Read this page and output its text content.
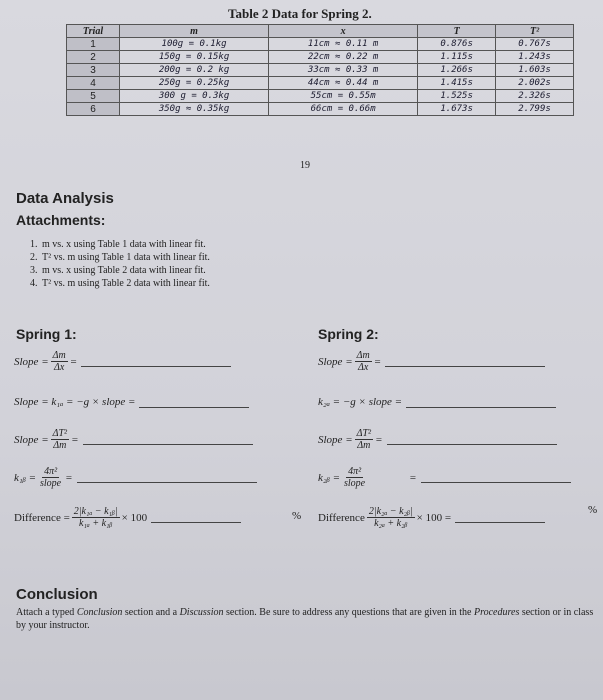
Table 2 Data for Spring 2.
Trial	m	x	T	T²
1	100g = 0.1kg	11cm ≈ 0.11 m	0.876s	0.767s
2	150g = 0.15kg	22cm ≈ 0.22 m	1.115s	1.243s
3	200g = 0.2 kg	33cm ≈ 0.33 m	1.266s	1.603s
4	250g = 0.25kg	44cm ≈ 0.44 m	1.415s	2.002s
5	300 g = 0.3kg	55cm = 0.55m	1.525s	2.326s
6	350g ≈ 0.35kg	66cm = 0.66m	1.673s	2.799s
19
Data Analysis
Attachments:
1. m vs. x using Table 1 data with linear fit.
2. T² vs. m using Table 1 data with linear fit.
3. m vs. x using Table 2 data with linear fit.
4. T² vs. m using Table 2 data with linear fit.
Spring 1:
Slope = $\frac{\Delta m}{\Delta x}$ =
Slope = k₁ₐ = −g × slope =
Slope = $\frac{\text{ΔT²}}{\Delta m}$ =
k₁ᵦ = $\frac{\text{4π²}}{\text{slope}}$ =
Difference = $\frac{\text{2|k₁ₐ − k₁ᵦ|}}{\text{k₁ₐ + k₁ᵦ}} \times 100$	%
Spring 2:
Slope = $\frac{\Delta m}{\Delta x}$ =
k₂ₐ = −g × slope =
Slope = $\frac{\text{ΔT²}}{\Delta m}$ =
k₂ᵦ = $\frac{\text{4π²}}{\text{slope}}$	=
Difference $\frac{\text{2|k₂ₐ − k₂ᵦ|}}{\text{k₂ₐ + k₂ᵦ}} \times 100$ =
%
Conclusion
Attach a typed Conclusion section and a Discussion section. Be sure to address any questions that are given in the Procedures section or in class by your instructor.
